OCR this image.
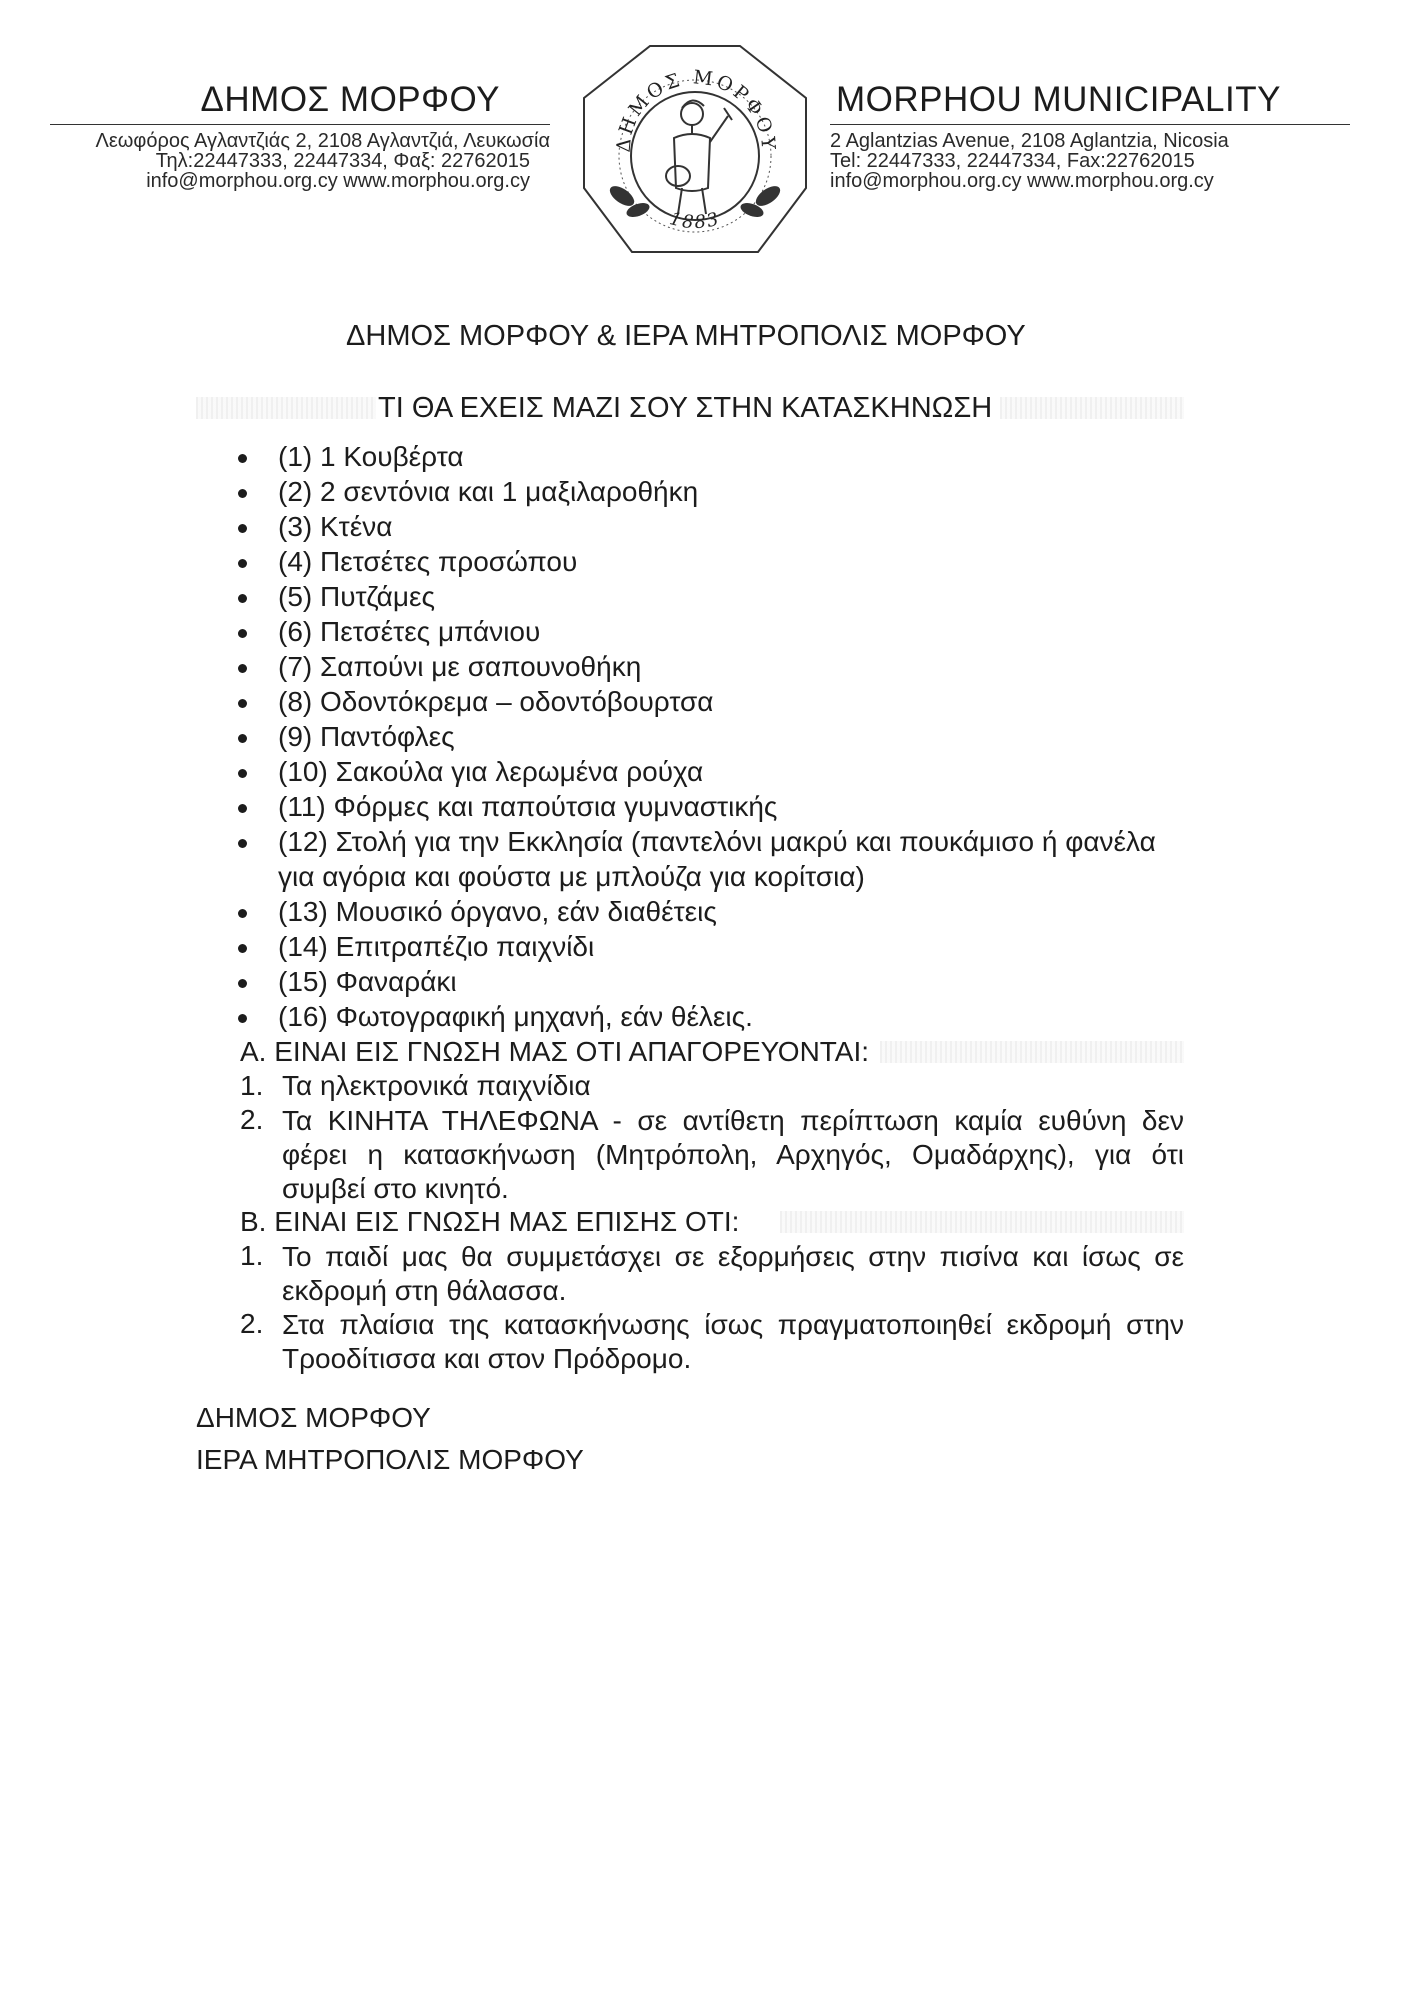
ΔΗΜΟΣ ΜΟΡΦΟΥ
Λεωφόρος Αγλαντζιάς 2, 2108 Αγλαντζιά, Λευκωσία
Τηλ:22447333, 22447334, Φαξ: 22762015
info@morphou.org.cy www.morphou.org.cy
MORPHOU MUNICIPALITY
2 Aglantzias Avenue, 2108 Aglantzia, Nicosia
Tel: 22447333, 22447334, Fax:22762015
info@morphou.org.cy www.morphou.org.cy
ΔΗΜΟΣ ΜΟΡΦΟΥ
1883
ΔΗΜΟΣ ΜΟΡΦΟΥ & ΙΕΡΑ ΜΗΤΡΟΠΟΛΙΣ ΜΟΡΦΟΥ
ΤΙ ΘΑ ΕΧΕΙΣ ΜΑΖΙ ΣΟΥ ΣΤΗΝ ΚΑΤΑΣΚΗΝΩΣΗ
(1) 1 Κουβέρτα
(2) 2 σεντόνια και 1 μαξιλαροθήκη
(3) Κτένα
(4) Πετσέτες προσώπου
(5) Πυτζάμες
(6) Πετσέτες μπάνιου
(7) Σαπούνι με σαπουνοθήκη
(8) Οδοντόκρεμα – οδοντόβουρτσα
(9) Παντόφλες
(10) Σακούλα για λερωμένα ρούχα
(11) Φόρμες και παπούτσια γυμναστικής
(12) Στολή για την Εκκλησία (παντελόνι μακρύ και πουκάμισο ή φανέλα
για αγόρια και φούστα με μπλούζα για κορίτσια)
(13) Μουσικό όργανο, εάν διαθέτεις
(14) Επιτραπέζιο παιχνίδι
(15) Φαναράκι
(16) Φωτογραφική μηχανή, εάν θέλεις.
Α. ΕΙΝΑΙ ΕΙΣ ΓΝΩΣΗ ΜΑΣ ΟΤΙ ΑΠΑΓΟΡΕΥΟΝΤΑΙ:
1. Τα ηλεκτρονικά παιχνίδια
2. Τα ΚΙΝΗΤΑ ΤΗΛΕΦΩΝΑ - σε αντίθετη περίπτωση καμία ευθύνη δεν
φέρει η κατασκήνωση (Μητρόπολη, Αρχηγός, Ομαδάρχης), για ότι
συμβεί στο κινητό.
Β. ΕΙΝΑΙ ΕΙΣ ΓΝΩΣΗ ΜΑΣ ΕΠΙΣΗΣ ΟΤΙ:
1. Το παιδί μας θα συμμετάσχει σε εξορμήσεις στην πισίνα και ίσως σε
εκδρομή στη θάλασσα.
2. Στα πλαίσια της κατασκήνωσης ίσως πραγματοποιηθεί εκδρομή στην
Τροοδίτισσα και στον Πρόδρομο.
ΔΗΜΟΣ ΜΟΡΦΟΥ
ΙΕΡΑ ΜΗΤΡΟΠΟΛΙΣ ΜΟΡΦΟΥ
